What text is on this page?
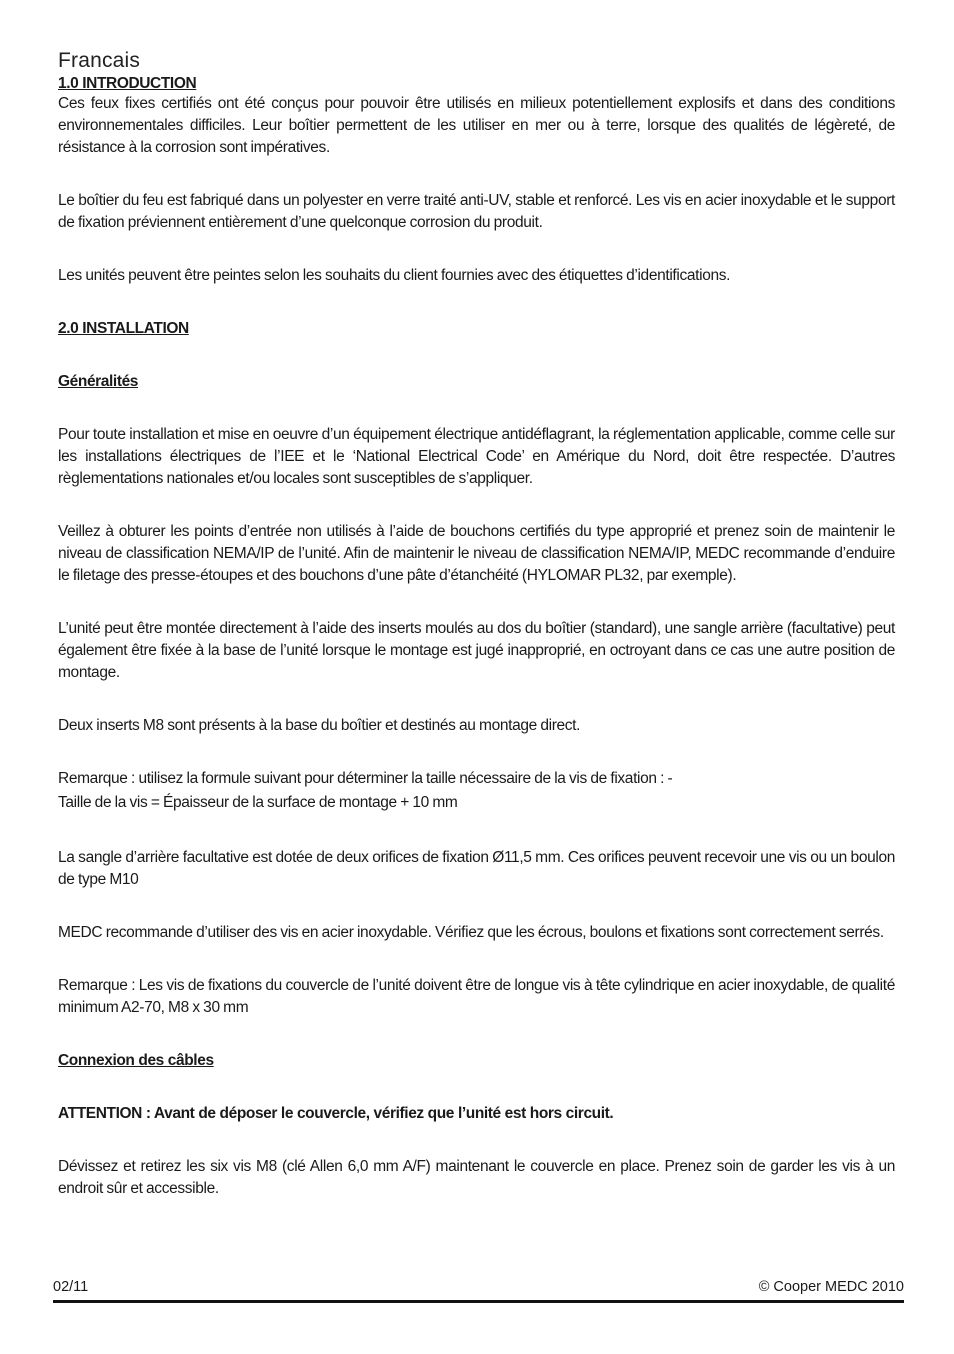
Francais
1.0 INTRODUCTION

Ces feux fixes certifiés ont été conçus pour pouvoir être utilisés en milieux potentiellement explosifs et dans des conditions environnementales difficiles. Leur boîtier permettent de les utiliser en mer ou à terre, lorsque des qualités de légèreté, de résistance à la corrosion sont impératives.

Le boîtier du feu est fabriqué dans un polyester en verre traité anti-UV, stable et renforcé. Les vis en acier inoxydable et le support de fixation préviennent entièrement d’une quelconque corrosion du produit.

Les unités peuvent être peintes selon les souhaits du client fournies avec des étiquettes d’identifications.

2.0 INSTALLATION
Généralités

Pour toute installation et mise en oeuvre d’un équipement électrique antidéflagrant, la réglementation applicable, comme celle sur les installations électriques de l’IEE et le ‘National Electrical Code’ en Amérique du Nord, doit être respectée. D’autres règlementations nationales et/ou locales sont susceptibles de s’appliquer.

Veillez à obturer les points d’entrée non utilisés à l’aide de bouchons certifiés du type approprié et prenez soin de maintenir le niveau de classification NEMA/IP de l’unité. Afin de maintenir le niveau de classification NEMA/IP, MEDC recommande d’enduire le filetage des presse-étoupes et des bouchons d’une pâte d’étanchéité (HYLOMAR PL32, par exemple).

L’unité peut être montée directement à l’aide des inserts moulés au dos du boîtier (standard), une sangle arrière (facultative) peut également être fixée à la base de l’unité lorsque le montage est jugé inapproprié, en octroyant dans ce cas une autre position de montage.

Deux inserts M8 sont présents à la base du boîtier et destinés au montage direct.

Remarque : utilisez la formule suivant pour déterminer la taille nécessaire de la vis de fixation : -

Taille de la vis = Épaisseur de la surface de montage + 10 mm

La sangle d’arrière facultative est dotée de deux orifices de fixation Ø11,5 mm. Ces orifices peuvent recevoir une vis ou un boulon de type M10

MEDC recommande d’utiliser des vis en acier inoxydable. Vérifiez que les écrous, boulons et fixations sont correctement serrés.

Remarque : Les vis de fixations du couvercle de l’unité doivent être de longue vis à tête cylindrique en acier inoxydable, de qualité minimum A2-70, M8 x 30 mm

Connexion des câbles
ATTENTION : Avant de déposer le couvercle, vérifiez que l’unité est hors circuit.

Dévissez et retirez les six vis M8 (clé Allen 6,0 mm A/F) maintenant le couvercle en place. Prenez soin de garder les vis à un endroit sûr et accessible.

02/11	© Cooper MEDC 2010
